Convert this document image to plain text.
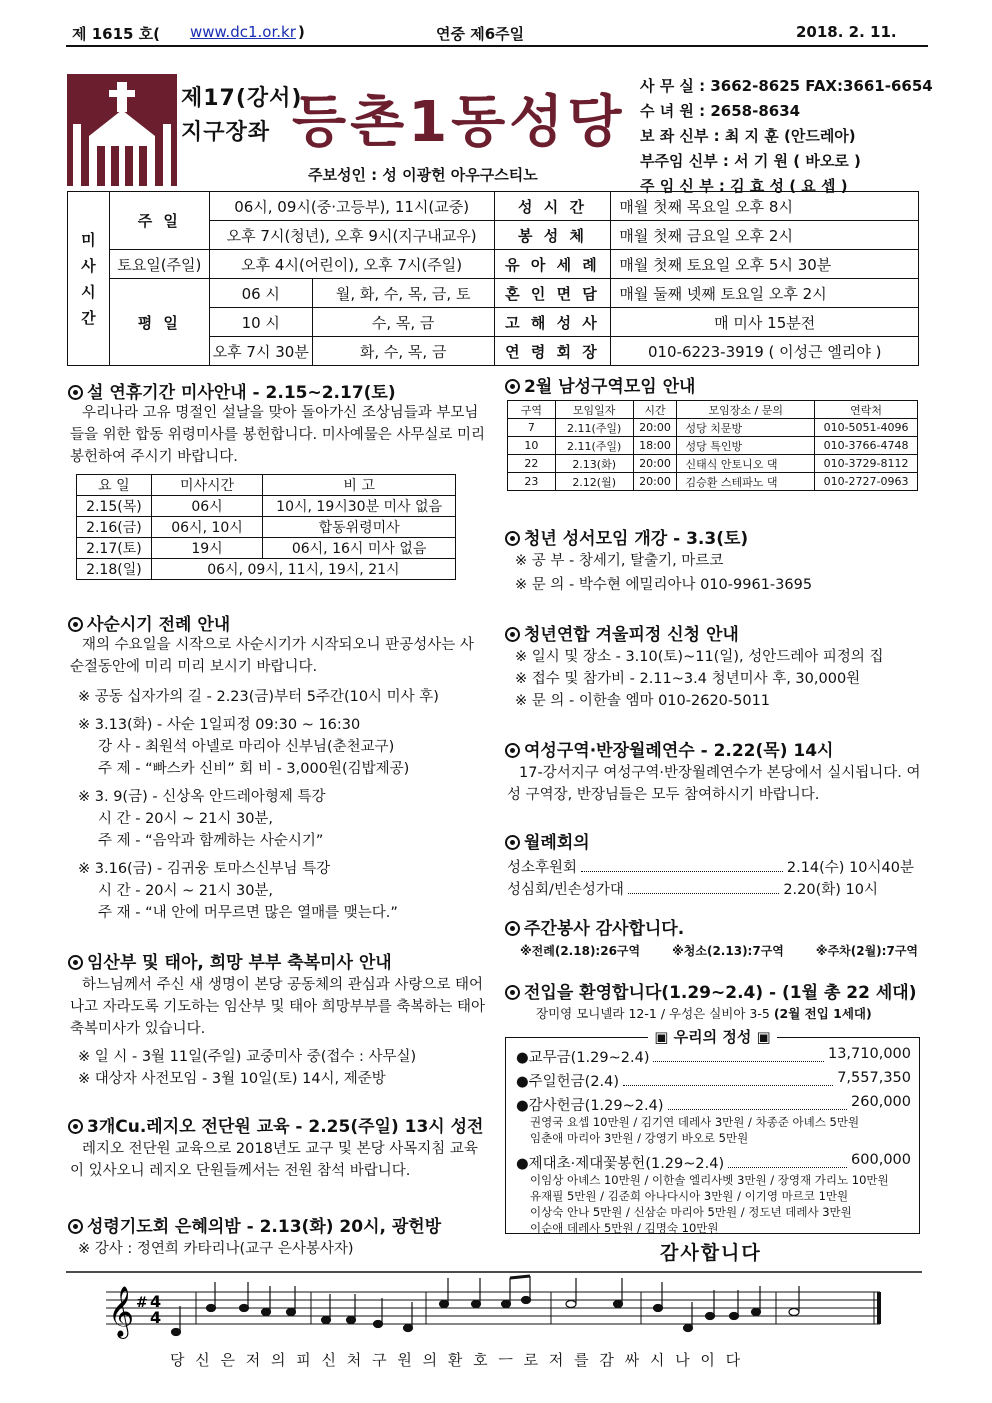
제 1615 호( www.dc1.or.kr )	연중 제6주일	2018. 2. 11.
제17(강서)
지구장좌 등촌1동성당
주보성인 : 성 이광헌 아우구스티노
사 무 실 : 3662-8625 FAX:3661-6654
수 녀 원 : 2658-8634
보 좌 신부 : 최 지 훈 (안드레아)
부주임 신부 : 서 기 원 ( 바오로 )
주 임 신 부 : 김 효 성 ( 요 셉 )
미
사
시
간	주 일	06시, 09시(중·고등부), 11시(교중)		성 시 간	매월 첫째 목요일 오후 8시
		오후 7시(청년), 오후 9시(지구내교우)		봉 성 체	매월 첫째 금요일 오후 2시
	토요일(주일)	오후 4시(어린이), 오후 7시(주일)		유 아 세 례	매월 첫째 토요일 오후 5시 30분
	평 일	06 시	월, 화, 수, 목, 금, 토	혼 인 면 담	매월 둘째 넷째 토요일 오후 2시
		10 시	수, 목, 금	고 해 성 사	매 미사 15분전
		오후 7시 30분	화, 수, 목, 금	연 령 회 장	010-6223-3919 ( 이성근 엘리야 )
설 연휴기간 미사안내 - 2.15~2.17(토)
우리나라 고유 명절인 설날을 맞아 돌아가신 조상님들과 부모님들을 위한 합동 위령미사를 봉헌합니다. 미사예물은 사무실로 미리 봉헌하여 주시기 바랍니다.
요 일	미사시간	비 고
2.15(목)	06시	10시, 19시30분 미사 없음
2.16(금)	06시, 10시	합동위령미사
2.17(토)	19시	06시, 16시 미사 없음
2.18(일)	06시, 09시, 11시, 19시, 21시	
사순시기 전례 안내
재의 수요일을 시작으로 사순시기가 시작되오니 판공성사는 사순절동안에 미리 미리 보시기 바랍니다.
※ 공동 십자가의 길 - 2.23(금)부터 5주간(10시 미사 후)
※ 3.13(화) - 사순 1일피정 09:30 ~ 16:30
강 사 - 최원석 아넬로 마리아 신부님(춘천교구)
주 제 - “빠스카 신비” 회 비 - 3,000원(김밥제공)
※ 3. 9(금) - 신상옥 안드레아형제 특강
시 간 - 20시 ~ 21시 30분,
주 제 - “음악과 함께하는 사순시기”
※ 3.16(금) - 김귀웅 토마스신부님 특강
시 간 - 20시 ~ 21시 30분,
주 재 - “내 안에 머무르면 많은 열매를 맺는다.”
임산부 및 태아, 희망 부부 축복미사 안내
하느님께서 주신 새 생명이 본당 공동체의 관심과 사랑으로 태어나고 자라도록 기도하는 임산부 및 태아 희망부부를 축복하는 태아 축복미사가 있습니다.
※ 일 시 - 3월 11일(주일) 교중미사 중(접수 : 사무실)
※ 대상자 사전모임 - 3월 10일(토) 14시, 제준방
3개Cu.레지오 전단원 교육 - 2.25(주일) 13시 성전
레지오 전단원 교육으로 2018년도 교구 및 본당 사목지침 교육이 있사오니 레지오 단원들께서는 전원 참석 바랍니다.
성령기도회 은혜의밤 - 2.13(화) 20시, 광헌방
※ 강사 : 정연희 카타리나(교구 은사봉사자)
2월 남성구역모임 안내
구역	모임일자	시간	모임장소 / 문의	연락처
7	2.11(주일)	20:00	성당 치문방	010-5051-4096
10	2.11(주일)	18:00	성당 특인방	010-3766-4748
22	2.13(화)	20:00	신태식 안토니오 댁	010-3729-8112
23	2.12(월)	20:00	김승환 스테파노 댁	010-2727-0963
청년 성서모임 개강 - 3.3(토)
※ 공 부 - 창세기, 탈출기, 마르코
※ 문 의 - 박수현 에밀리아나 010-9961-3695
청년연합 겨울피정 신청 안내
※ 일시 및 장소 - 3.10(토)~11(일), 성안드레아 피정의 집
※ 접수 및 참가비 - 2.11~3.4 청년미사 후, 30,000원
※ 문 의 - 이한솔 엠마 010-2620-5011
여성구역·반장월례연수 - 2.22(목) 14시
17-강서지구 여성구역·반장월례연수가 본당에서 실시됩니다. 여성 구역장, 반장님들은 모두 참여하시기 바랍니다.
월례회의
성소후원회	2.14(수) 10시40분
성심회/빈손성가대	2.20(화) 10시
주간봉사 감사합니다.
※전례(2.18):26구역	※청소(2.13):7구역	※주차(2월):7구역
전입을 환영합니다(1.29~2.4) - (1월 총 22 세대)
장미영 모니넬라 12-1 / 우성은 실비아 3-5 (2월 전입 1세대)
▣ 우리의 정성 ▣
●교무금(1.29~2.4)	13,710,000
●주일헌금(2.4)	7,557,350
●감사헌금(1.29~2.4)	260,000
권영국 요셉 10만원 / 김기연 데레사 3만원 / 차종준 아녜스 5만원
임춘애 마리아 3만원 / 강영기 바오로 5만원
●제대초·제대꽃봉헌(1.29~2.4)	600,000
이임상 아녜스 10만원 / 이한솔 엘리사벳 3만원 / 장영재 가리노 10만원
유재필 5만원 / 김준희 아나다시아 3만원 / 이기영 마르코 1만원
이상숙 안나 5만원 / 신삼순 마리아 5만원 / 정도년 데레사 3만원
이순애 데레사 5만원 / 김명숙 10만원
감사합니다
𝄞 # 4
4
당 신 은 저 의 피 신 처 구 원 의 환 호 ㅡ 로 저 를 감 싸 시 나 이 다
